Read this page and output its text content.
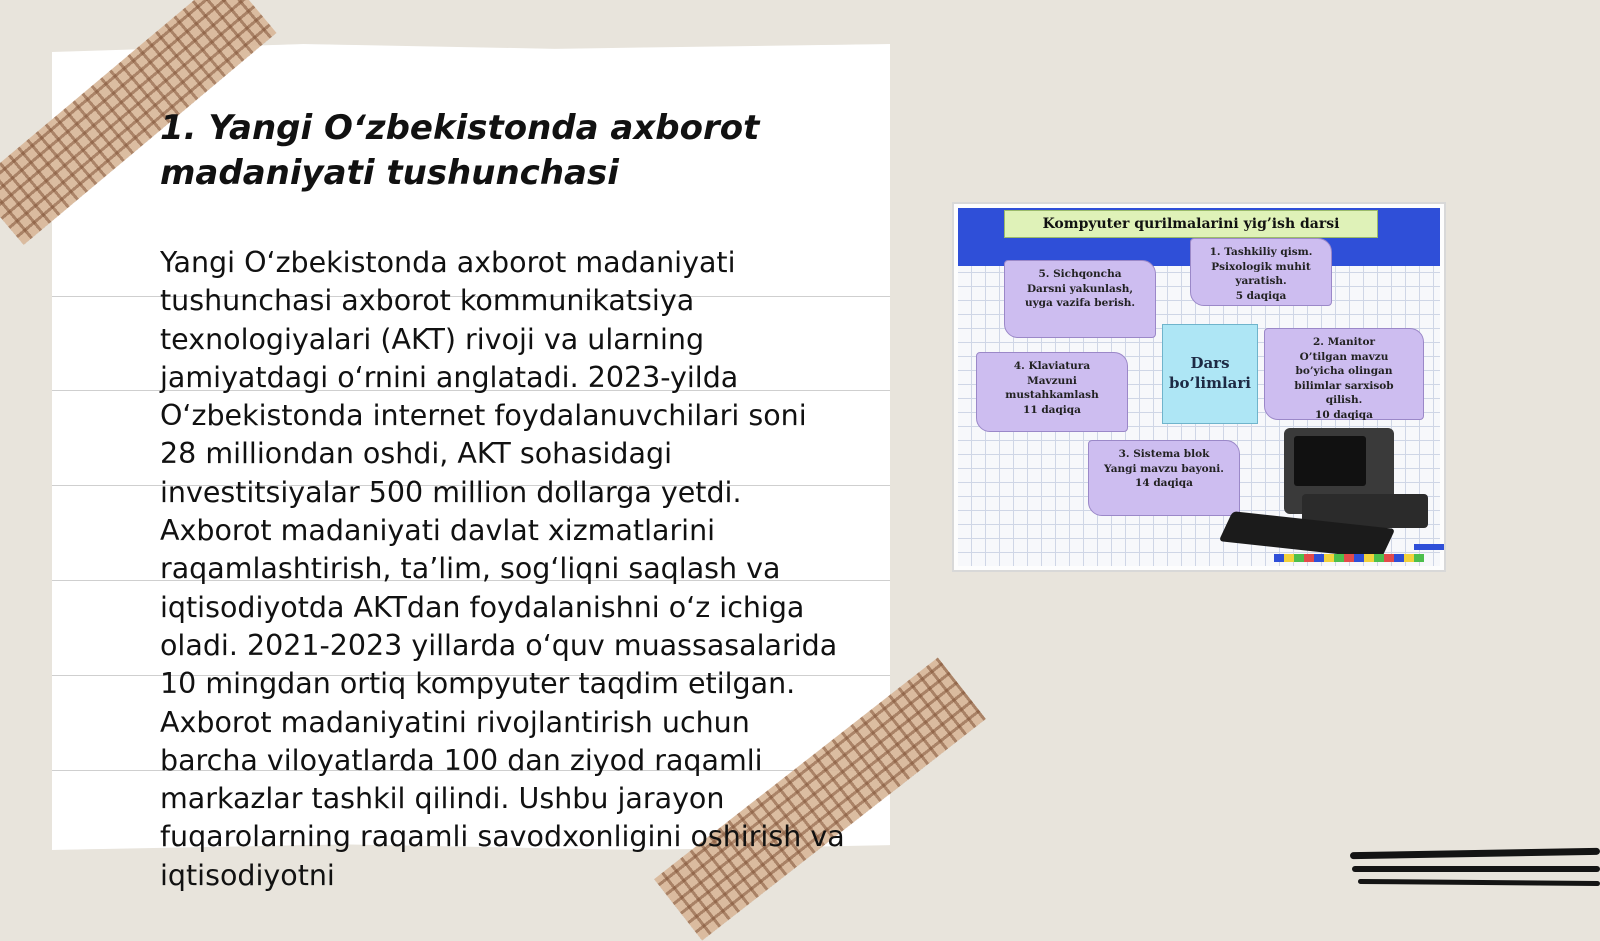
1. Yangi O‘zbekistonda axborot madaniyati tushunchasi
Yangi O‘zbekistonda axborot madaniyati tushunchasi axborot kommunikatsiya texnologiyalari (AKT) rivoji va ularning jamiyatdagi o‘rnini anglatadi. 2023-yilda O‘zbekistonda internet foydalanuvchilari soni 28 milliondan oshdi, AKT sohasidagi investitsiyalar 500 million dollarga yetdi. Axborot madaniyati davlat xizmatlarini raqamlashtirish, ta’lim, sog‘liqni saqlash va iqtisodiyotda AKTdan foydalanishni o‘z ichiga oladi. 2021-2023 yillarda o‘quv muassasalarida 10 mingdan ortiq kompyuter taqdim etilgan. Axborot madaniyatini rivojlantirish uchun barcha viloyatlarda 100 dan ziyod raqamli markazlar tashkil qilindi. Ushbu jarayon fuqarolarning raqamli savodxonligini oshirish va iqtisodiyotni
Kompyuter qurilmalarini yig’ish darsi
1. Tashkiliy qism.
Psixologik muhit
yaratish.
5 daqiqa
2. Manitor
O’tilgan mavzu
bo’yicha olingan
bilimlar sarxisob
qilish.
10 daqiqa
3. Sistema blok
Yangi mavzu bayoni.
14 daqiqa
4. Klaviatura
Mavzuni
mustahkamlash
11 daqiqa
5. Sichqoncha
Darsni yakunlash,
uyga vazifa berish.
Dars bo’limlari
